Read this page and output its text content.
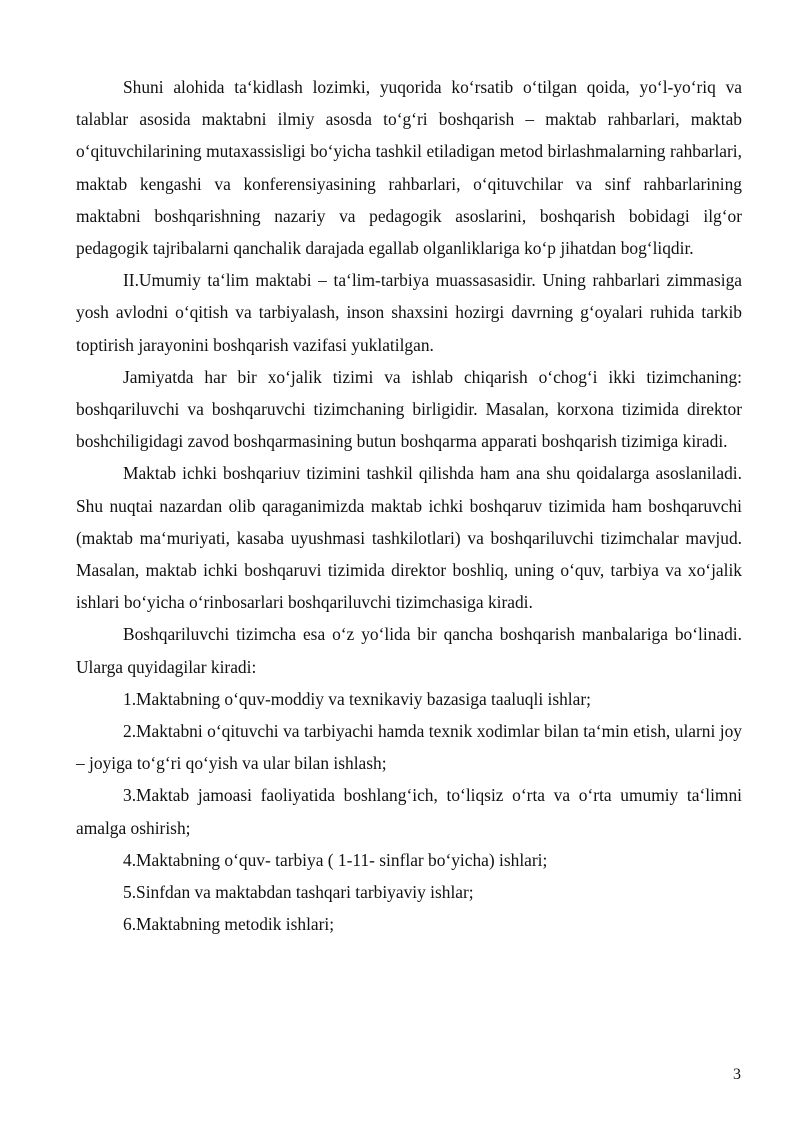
Shuni alohida ta‘kidlash lozimki, yuqorida ko‘rsatib o‘tilgan qoida, yo‘l-yo‘riq va talablar asosida maktabni ilmiy asosda to‘g‘ri boshqarish – maktab rahbarlari, maktab o‘qituvchilarining mutaxassisligi bo‘yicha tashkil etiladigan metod birlashmalarning rahbarlari, maktab kengashi va konferensiyasining rahbarlari, o‘qituvchilar va sinf rahbarlarining maktabni boshqarishning nazariy va pedagogik asoslarini, boshqarish bobidagi ilg‘or pedagogik tajribalarni qanchalik darajada egallab olganliklariga ko‘p jihatdan bog‘liqdir.

II.Umumiy ta‘lim maktabi – ta‘lim-tarbiya muassasasidir. Uning rahbarlari zimmasiga yosh avlodni o‘qitish va tarbiyalash, inson shaxsini hozirgi davrning g‘oyalari ruhida tarkib toptirish jarayonini boshqarish vazifasi yuklatilgan.

Jamiyatda har bir xo‘jalik tizimi va ishlab chiqarish o‘chog‘i ikki tizimchaning: boshqariluvchi va boshqaruvchi tizimchaning birligidir. Masalan, korxona tizimida direktor boshchiligidagi zavod boshqarmasining butun boshqarma apparati boshqarish tizimiga kiradi.

Maktab ichki boshqariuv tizimini tashkil qilishda ham ana shu qoidalarga asoslaniladi. Shu nuqtai nazardan olib qaraganimizda maktab ichki boshqaruv tizimida ham boshqaruvchi (maktab ma‘muriyati, kasaba uyushmasi tashkilotlari) va boshqariluvchi tizimchalar mavjud. Masalan, maktab ichki boshqaruvi tizimida direktor boshliq, uning o‘quv, tarbiya va xo‘jalik ishlari bo‘yicha o‘rinbosarlari boshqariluvchi tizimchasiga kiradi.

Boshqariluvchi tizimcha esa o‘z yo‘lida bir qancha boshqarish manbalariga bo‘linadi. Ularga quyidagilar kiradi:

1.Maktabning o‘quv-moddiy va texnikaviy bazasiga taaluqli ishlar;

2.Maktabni o‘qituvchi va tarbiyachi hamda texnik xodimlar bilan ta‘min etish, ularni joy – joyiga to‘g‘ri qo‘yish va ular bilan ishlash;

3.Maktab jamoasi faoliyatida boshlang‘ich, to‘liqsiz o‘rta va o‘rta umumiy ta‘limni amalga oshirish;

4.Maktabning o‘quv- tarbiya ( 1-11- sinflar bo‘yicha) ishlari;

5.Sinfdan va maktabdan tashqari tarbiyaviy ishlar;

6.Maktabning metodik ishlari;

3
